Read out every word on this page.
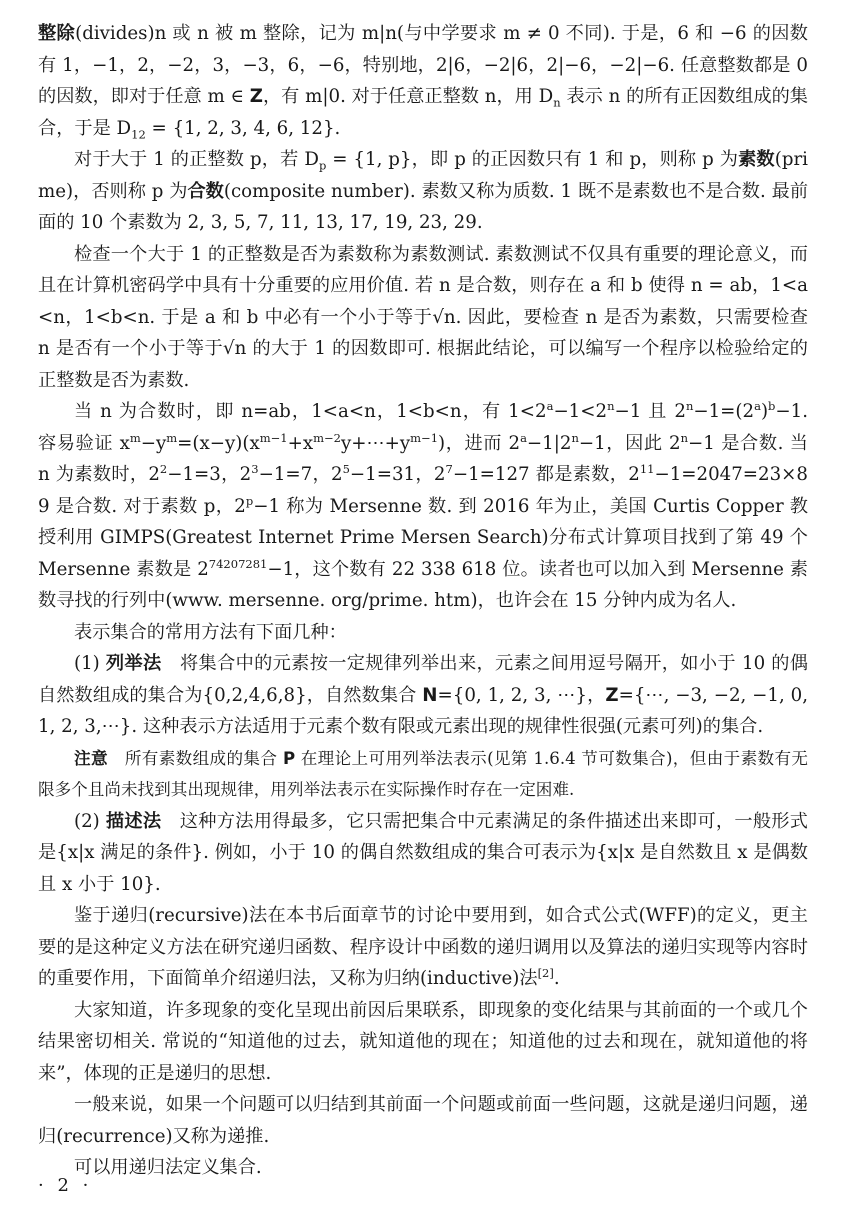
整除(divides)n 或 n 被 m 整除，记为 m|n(与中学要求 m ≠ 0 不同). 于是，6 和 −6 的因数有 1，−1，2，−2，3，−3，6，−6，特别地，2|6，−2|6，2|−6，−2|−6. 任意整数都是 0 的因数，即对于任意 m ∈ Z，有 m|0. 对于任意正整数 n，用 $D_n$ 表示 n 的所有正因数组成的集合，于是 $D_{12} = \{1$, 2, 3, 4, 6, 12}.

对于大于 1 的正整数 p，若 $D_p = \{1$, p}，即 p 的正因数只有 1 和 p，则称 p 为素数(prime)，否则称 p 为合数(composite number). 素数又称为质数. 1 既不是素数也不是合数. 最前面的 10 个素数为 2, 3, 5, 7, 11, 13, 17, 19, 23, 29.

检查一个大于 1 的正整数是否为素数称为素数测试. 素数测试不仅具有重要的理论意义，而且在计算机密码学中具有十分重要的应用价值. 若 n 是合数，则存在 a 和 b 使得 n = ab，1<a<n，1<b<n. 于是 a 和 b 中必有一个小于等于√n. 因此，要检查 n 是否为素数，只需要检查 n 是否有一个小于等于√n 的大于 1 的因数即可. 根据此结论，可以编写一个程序以检验给定的正整数是否为素数.

当 n 为合数时，即 n=ab，1<a<n，1<b<n，有 $1<2^a-1<2^n-1$ 且 $2^n-1=(2^a)^b-1$. 容易验证 $x^m-y^m=(x-y)(x^{m-1}+x^{m-2}y+\cdots+y^{m-1})$，进而 $2^a-1|2^n-1$，因此 $2^n-1$ 是合数. 当 n 为素数时，$2^2-1=3$，$2^3-1=7$，$2^5-1=31$，$2^7-1=127$ 都是素数，$2^{11}-1=2047=23\times 89$ 是合数. 对于素数 p，$2^p-1$ 称为 Mersenne 数. 到 2016 年为止，美国 Curtis Copper 教授利用 GIMPS(Greatest Internet Prime Mersen Search)分布式计算项目找到了第 49 个 Mersenne 素数是 $2^{74207281}-1$，这个数有 22 338 618 位。读者也可以加入到 Mersenne 素数寻找的行列中(www. mersenne. org/prime. htm)，也许会在 15 分钟内成为名人.

表示集合的常用方法有下面几种：

(1) 列举法　将集合中的元素按一定规律列举出来，元素之间用逗号隔开，如小于 10 的偶自然数组成的集合为{0,2,4,6,8}，自然数集合 N={0, 1, 2, 3, ⋯}，Z={⋯, −3, −2, −1, 0, 1, 2, 3,⋯}. 这种表示方法适用于元素个数有限或元素出现的规律性很强(元素可列)的集合.

注意　所有素数组成的集合 P 在理论上可用列举法表示(见第 1.6.4 节可数集合)，但由于素数有无限多个且尚未找到其出现规律，用列举法表示在实际操作时存在一定困难.

(2) 描述法　这种方法用得最多，它只需把集合中元素满足的条件描述出来即可，一般形式是{x|x 满足的条件}. 例如，小于 10 的偶自然数组成的集合可表示为{x|x 是自然数且 x 是偶数且 x 小于 10}.

鉴于递归(recursive)法在本书后面章节的讨论中要用到，如合式公式(WFF)的定义，更主要的是这种定义方法在研究递归函数、程序设计中函数的递归调用以及算法的递归实现等内容时的重要作用，下面简单介绍递归法，又称为归纳(inductive)法[2].

大家知道，许多现象的变化呈现出前因后果联系，即现象的变化结果与其前面的一个或几个结果密切相关. 常说的“知道他的过去，就知道他的现在；知道他的过去和现在，就知道他的将来”，体现的正是递归的思想.

一般来说，如果一个问题可以归结到其前面一个问题或前面一些问题，这就是递归问题，递归(recurrence)又称为递推.

可以用递归法定义集合.

· 2 ·
